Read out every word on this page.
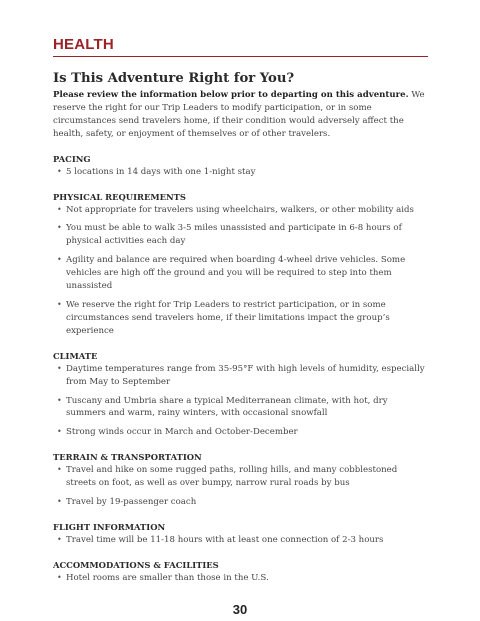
HEALTH
Is This Adventure Right for You?

Please review the information below prior to departing on this adventure. We reserve the right for our Trip Leaders to modify participation, or in some circumstances send travelers home, if their condition would adversely affect the health, safety, or enjoyment of themselves or of other travelers.

PACING

• 5 locations in 14 days with one 1-night stay

PHYSICAL REQUIREMENTS

• Not appropriate for travelers using wheelchairs, walkers, or other mobility aids
• You must be able to walk 3-5 miles unassisted and participate in 6-8 hours of physical activities each day
• Agility and balance are required when boarding 4-wheel drive vehicles. Some vehicles are high off the ground and you will be required to step into them unassisted
• We reserve the right for Trip Leaders to restrict participation, or in some circumstances send travelers home, if their limitations impact the group’s experience

CLIMATE

• Daytime temperatures range from 35-95°F with high levels of humidity, especially from May to September
• Tuscany and Umbria share a typical Mediterranean climate, with hot, dry summers and warm, rainy winters, with occasional snowfall
• Strong winds occur in March and October-December

TERRAIN & TRANSPORTATION

• Travel and hike on some rugged paths, rolling hills, and many cobblestoned streets on foot, as well as over bumpy, narrow rural roads by bus
• Travel by 19-passenger coach

FLIGHT INFORMATION

• Travel time will be 11-18 hours with at least one connection of 2-3 hours

ACCOMMODATIONS & FACILITIES

• Hotel rooms are smaller than those in the U.S.
30
